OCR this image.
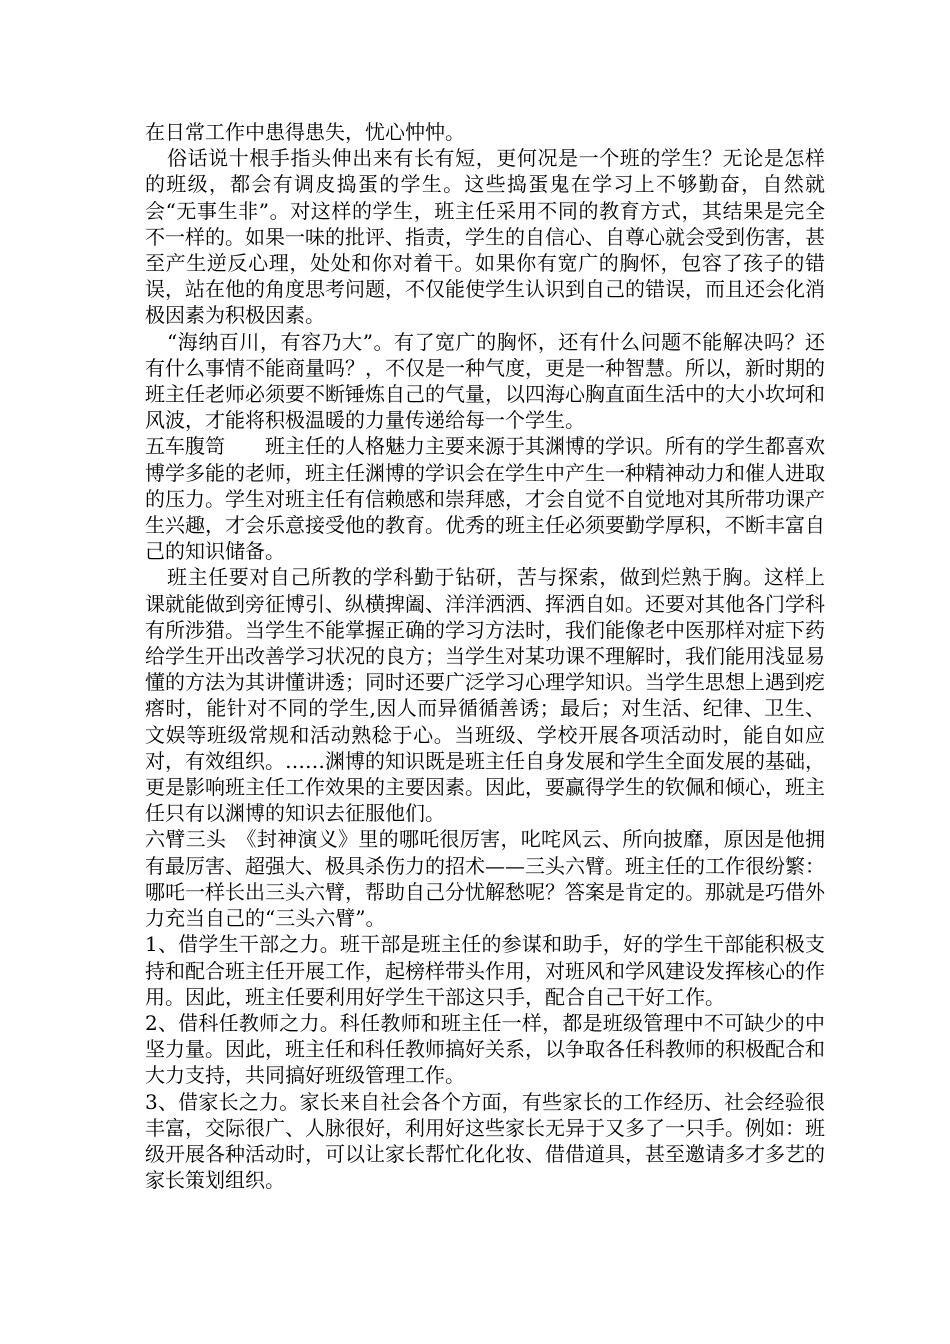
在日常工作中患得患失，忧心忡忡。

俗话说十根手指头伸出来有长有短，更何况是一个班的学生？无论是怎样的班级，都会有调皮捣蛋的学生。这些捣蛋鬼在学习上不够勤奋，自然就会“无事生非”。对这样的学生，班主任采用不同的教育方式，其结果是完全不一样的。如果一味的批评、指责，学生的自信心、自尊心就会受到伤害，甚至产生逆反心理，处处和你对着干。如果你有宽广的胸怀，包容了孩子的错误，站在他的角度思考问题，不仅能使学生认识到自己的错误，而且还会化消极因素为积极因素。

“海纳百川，有容乃大”。有了宽广的胸怀，还有什么问题不能解决吗？还有什么事情不能商量吗？，不仅是一种气度，更是一种智慧。所以，新时期的班主任老师必须要不断锤炼自己的气量，以四海心胸直面生活中的大小坎坷和风波，才能将积极温暖的力量传递给每一个学生。

五车腹笥　　班主任的人格魅力主要来源于其渊博的学识。所有的学生都喜欢博学多能的老师，班主任渊博的学识会在学生中产生一种精神动力和催人进取的压力。学生对班主任有信赖感和崇拜感，才会自觉不自觉地对其所带功课产生兴趣，才会乐意接受他的教育。优秀的班主任必须要勤学厚积，不断丰富自己的知识储备。

班主任要对自己所教的学科勤于钻研，苦与探索，做到烂熟于胸。这样上课就能做到旁征博引、纵横捭阖、洋洋洒洒、挥洒自如。还要对其他各门学科有所涉猎。当学生不能掌握正确的学习方法时，我们能像老中医那样对症下药给学生开出改善学习状况的良方；当学生对某功课不理解时，我们能用浅显易懂的方法为其讲懂讲透；同时还要广泛学习心理学知识。当学生思想上遇到疙瘩时，能针对不同的学生,因人而异循循善诱；最后；对生活、纪律、卫生、文娱等班级常规和活动熟稔于心。当班级、学校开展各项活动时，能自如应对，有效组织。……渊博的知识既是班主任自身发展和学生全面发展的基础，更是影响班主任工作效果的主要因素。因此，要赢得学生的钦佩和倾心，班主任只有以渊博的知识去征服他们。

六臂三头　《封神演义》里的哪吒很厉害，叱咤风云、所向披靡，原因是他拥有最厉害、超强大、极具杀伤力的招术——三头六臂。班主任的工作很纷繁：哪吒一样长出三头六臂，帮助自己分忧解愁呢？答案是肯定的。那就是巧借外力充当自己的“三头六臂”。

1、借学生干部之力。班干部是班主任的参谋和助手，好的学生干部能积极支持和配合班主任开展工作，起榜样带头作用，对班风和学风建设发挥核心的作用。因此，班主任要利用好学生干部这只手，配合自己干好工作。

2、借科任教师之力。科任教师和班主任一样，都是班级管理中不可缺少的中坚力量。因此，班主任和科任教师搞好关系，以争取各任科教师的积极配合和大力支持，共同搞好班级管理工作。

3、借家长之力。家长来自社会各个方面，有些家长的工作经历、社会经验很丰富，交际很广、人脉很好，利用好这些家长无异于又多了一只手。例如：班级开展各种活动时，可以让家长帮忙化化妆、借借道具，甚至邀请多才多艺的家长策划组织。
